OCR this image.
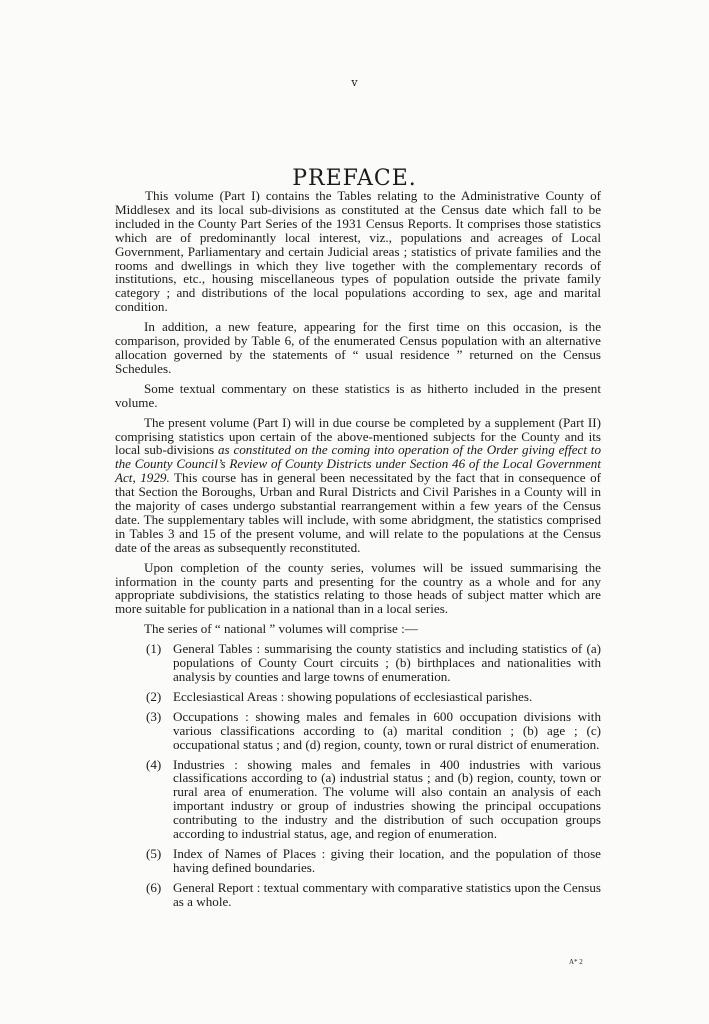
v
PREFACE.

This volume (Part I) contains the Tables relating to the Administrative County of Middlesex and its local sub-divisions as constituted at the Census date which fall to be included in the County Part Series of the 1931 Census Reports. It comprises those statistics which are of predominantly local interest, viz., populations and acreages of Local Government, Parliamentary and certain Judicial areas ; statistics of private families and the rooms and dwellings in which they live together with the complementary records of institutions, etc., housing miscellaneous types of population outside the private family category ; and distributions of the local populations according to sex, age and marital condition.

In addition, a new feature, appearing for the first time on this occasion, is the comparison, provided by Table 6, of the enumerated Census population with an alternative allocation governed by the statements of “ usual residence ” returned on the Census Schedules.

Some textual commentary on these statistics is as hitherto included in the present volume.

The present volume (Part I) will in due course be completed by a supplement (Part II) comprising statistics upon certain of the above-mentioned subjects for the County and its local sub-divisions as constituted on the coming into operation of the Order giving effect to the County Council’s Review of County Districts under Section 46 of the Local Government Act, 1929. This course has in general been necessitated by the fact that in consequence of that Section the Boroughs, Urban and Rural Districts and Civil Parishes in a County will in the majority of cases undergo substantial rearrangement within a few years of the Census date. The supplementary tables will include, with some abridgment, the statistics comprised in Tables 3 and 15 of the present volume, and will relate to the populations at the Census date of the areas as subsequently reconstituted.

Upon completion of the county series, volumes will be issued summarising the information in the county parts and presenting for the country as a whole and for any appropriate subdivisions, the statistics relating to those heads of subject matter which are more suitable for publication in a national than in a local series.

The series of “ national ” volumes will comprise :—

(1) General Tables : summarising the county statistics and including statistics of (a) populations of County Court circuits ; (b) birthplaces and nationalities with analysis by counties and large towns of enumeration.
(2) Ecclesiastical Areas : showing populations of ecclesiastical parishes.
(3) Occupations : showing males and females in 600 occupation divisions with various classifications according to (a) marital condition ; (b) age ; (c) occupational status ; and (d) region, county, town or rural district of enumeration.
(4) Industries : showing males and females in 400 industries with various classifications according to (a) industrial status ; and (b) region, county, town or rural area of enumeration. The volume will also contain an analysis of each important industry or group of industries showing the principal occupations contributing to the industry and the distribution of such occupation groups according to industrial status, age, and region of enumeration.
(5) Index of Names of Places : giving their location, and the population of those having defined boundaries.
(6) General Report : textual commentary with comparative statistics upon the Census as a whole.
A* 2
